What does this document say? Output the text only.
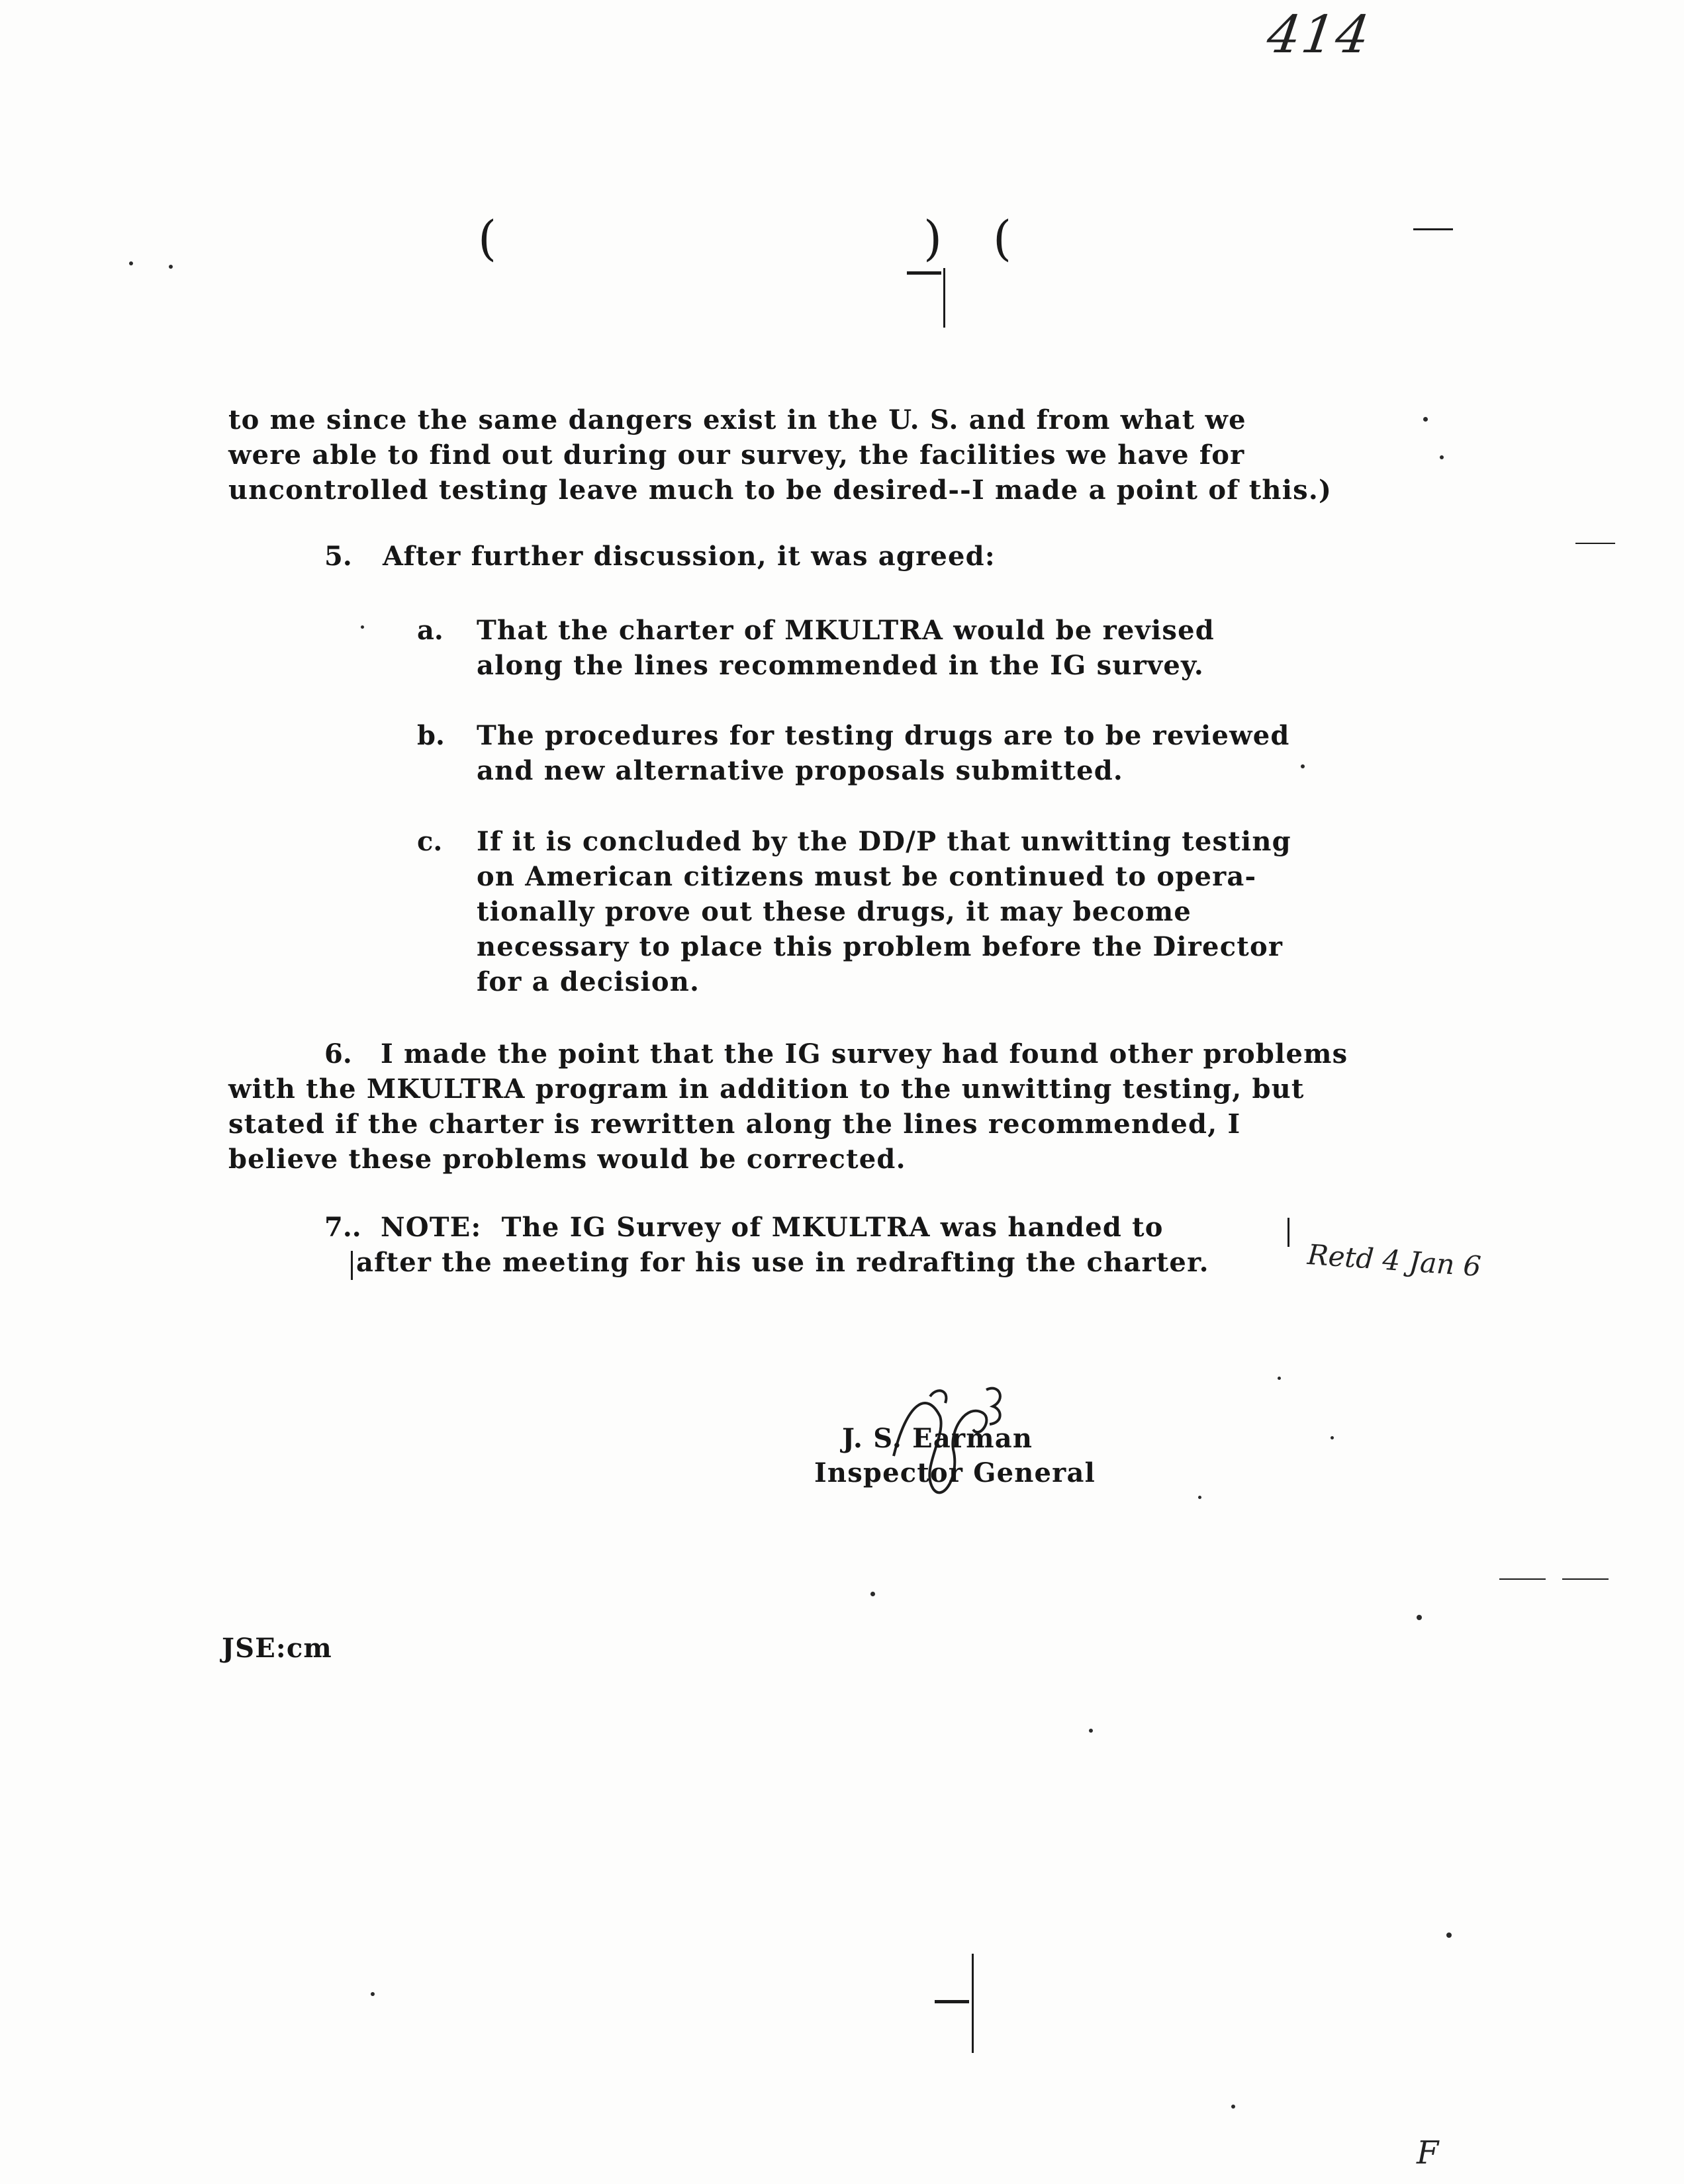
414
(	) (
to me since the same dangers exist in the U. S. and from what we
were able to find out during our survey, the facilities we have for
uncontrolled testing leave much to be desired--I made a point of this.)
5. After further discussion, it was agreed:
a. That the charter of MKULTRA would be revised
along the lines recommended in the IG survey.
b. The procedures for testing drugs are to be reviewed
and new alternative proposals submitted.
c. If it is concluded by the DD/P that unwitting testing
on American citizens must be continued to opera-
tionally prove out these drugs, it may become
necessary to place this problem before the Director
for a decision.
6. I made the point that the IG survey had found other problems
with the MKULTRA program in addition to the unwitting testing, but
stated if the charter is rewritten along the lines recommended, I
believe these problems would be corrected.
7.. NOTE:  The IG Survey of MKULTRA was handed to
after the meeting for his use in redrafting the charter.	Retd 4 Jan 6
J. S. Earman
Inspector General
JSE:cm
F
